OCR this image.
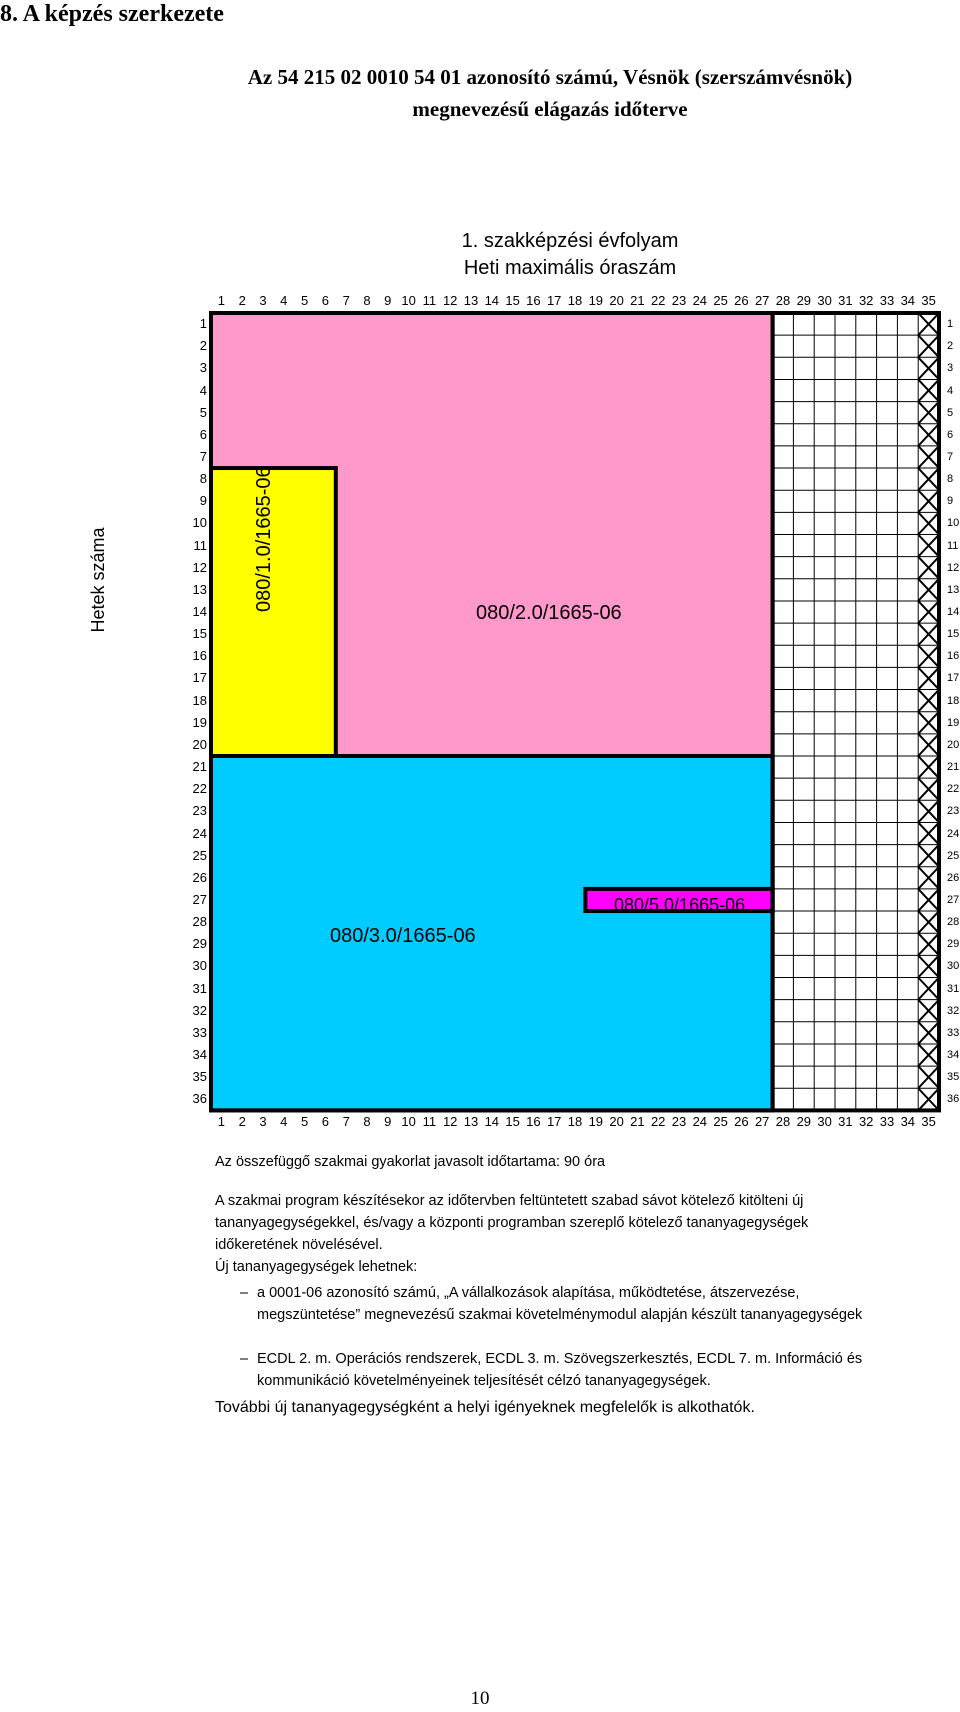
8. A képzés szerkezete
Az 54 215 02 0010 54 01 azonosító számú, Vésnök (szerszámvésnök)
megnevezésű elágazás időterve
1. szakképzési évfolyam
Heti maximális óraszám
Hetek száma
1
1
2
2
3
3
4
4
5
5
6
6
7
7
8
8
9
9
10
10
11
11
12
12
13
13
14
14
15
15
16
16
17
17
18
18
19
19
20
20
21
21
22
22
23
23
24
24
25
25
26
26
27
27
28
28
29
29
30
30
31
31
32
32
33
33
34
34
35
35
1	1
2	2
3	3
4	4
5	5
6	6
7	7
8	8
9	9
10	10
11	11
12	12
13	13
14	14
15	15
16	16
17	17
18	18
19	19
20	20
21	21
22	22
23	23
24	24
25	25
26	26
27	27
28	28
29	29
30	30
31	31
32	32
33	33
34	34
35	35
36	36
080/1.0/1665-06
080/2.0/1665-06
080/3.0/1665-06
080/5.0/1665-06
Az összefüggő szakmai gyakorlat javasolt időtartama: 90 óra
A szakmai program készítésekor az időtervben feltüntetett szabad sávot kötelező kitölteni új
tananyagegységekkel, és/vagy a központi programban szereplő kötelező tananyagegységek
időkeretének növelésével.
Új tananyagegységek lehetnek:
– a 0001-06 azonosító számú, „A vállalkozások alapítása, működtetése, átszervezése,
megszüntetése” megnevezésű szakmai követelménymodul alapján készült tananyagegységek
– ECDL 2. m. Operációs rendszerek, ECDL 3. m. Szövegszerkesztés, ECDL 7. m. Információ és
kommunikáció követelményeinek teljesítését célzó tananyagegységek.
További új tananyagegységként a helyi igényeknek megfelelők is alkothatók.
10
